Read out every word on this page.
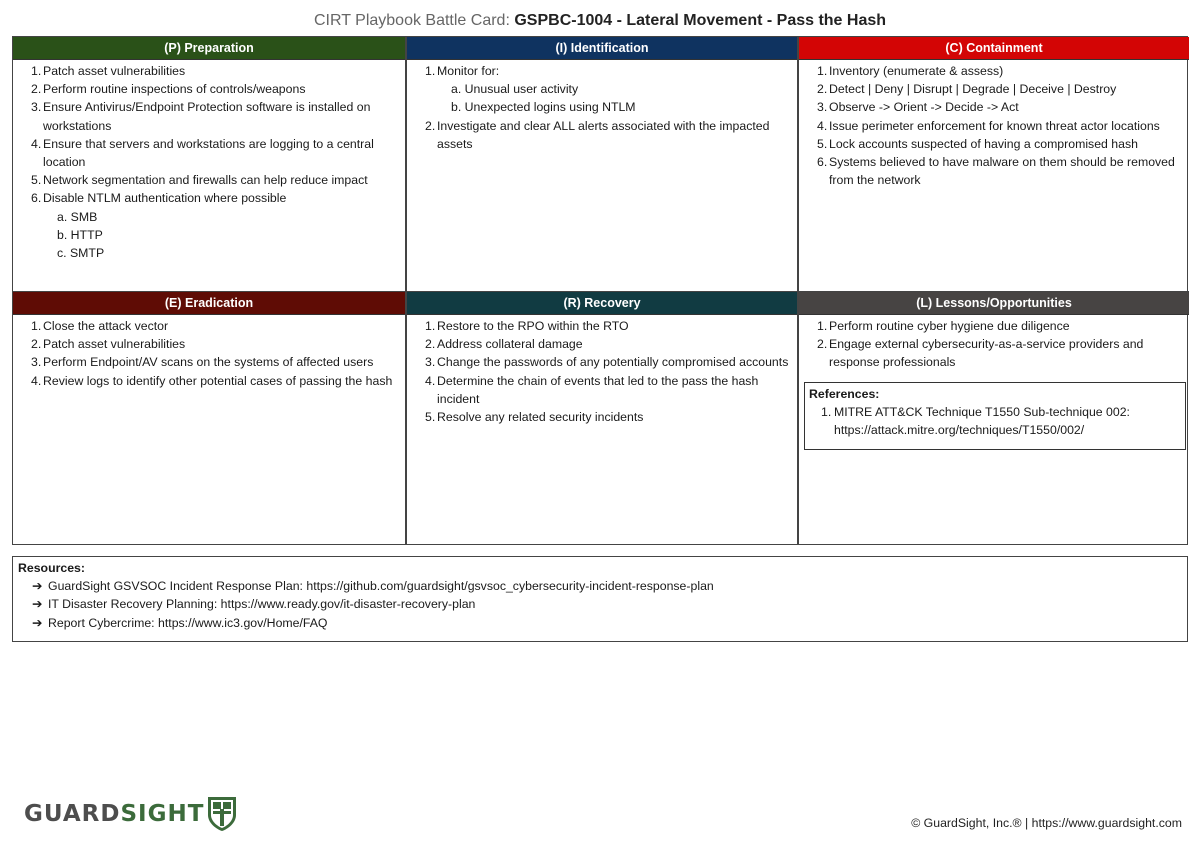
CIRT Playbook Battle Card: GSPBC-1004 - Lateral Movement - Pass the Hash
(P) Preparation
1. Patch asset vulnerabilities
2. Perform routine inspections of controls/weapons
3. Ensure Antivirus/Endpoint Protection software is installed on workstations
4. Ensure that servers and workstations are logging to a central location
5. Network segmentation and firewalls can help reduce impact
6. Disable NTLM authentication where possible
a. SMB
b. HTTP
c. SMTP
(I) Identification
1. Monitor for:
a. Unusual user activity
b. Unexpected logins using NTLM
2. Investigate and clear ALL alerts associated with the impacted assets
(C) Containment
1. Inventory (enumerate & assess)
2. Detect | Deny | Disrupt | Degrade | Deceive | Destroy
3. Observe -> Orient -> Decide -> Act
4. Issue perimeter enforcement for known threat actor locations
5. Lock accounts suspected of having a compromised hash
6. Systems believed to have malware on them should be removed from the network
(E) Eradication
1. Close the attack vector
2. Patch asset vulnerabilities
3. Perform Endpoint/AV scans on the systems of affected users
4. Review logs to identify other potential cases of passing the hash
(R) Recovery
1. Restore to the RPO within the RTO
2. Address collateral damage
3. Change the passwords of any potentially compromised accounts
4. Determine the chain of events that led to the pass the hash incident
5. Resolve any related security incidents
(L) Lessons/Opportunities
1. Perform routine cyber hygiene due diligence
2. Engage external cybersecurity-as-a-service providers and response professionals
References:
1. MITRE ATT&CK Technique T1550 Sub-technique 002: https://attack.mitre.org/techniques/T1550/002/
Resources:
➔ GuardSight GSVSOC Incident Response Plan: https://github.com/guardsight/gsvsoc_cybersecurity-incident-response-plan
➔ IT Disaster Recovery Planning: https://www.ready.gov/it-disaster-recovery-plan
➔ Report Cybercrime: https://www.ic3.gov/Home/FAQ
GUARD SIGHT	© GuardSight, Inc.® | https://www.guardsight.com
